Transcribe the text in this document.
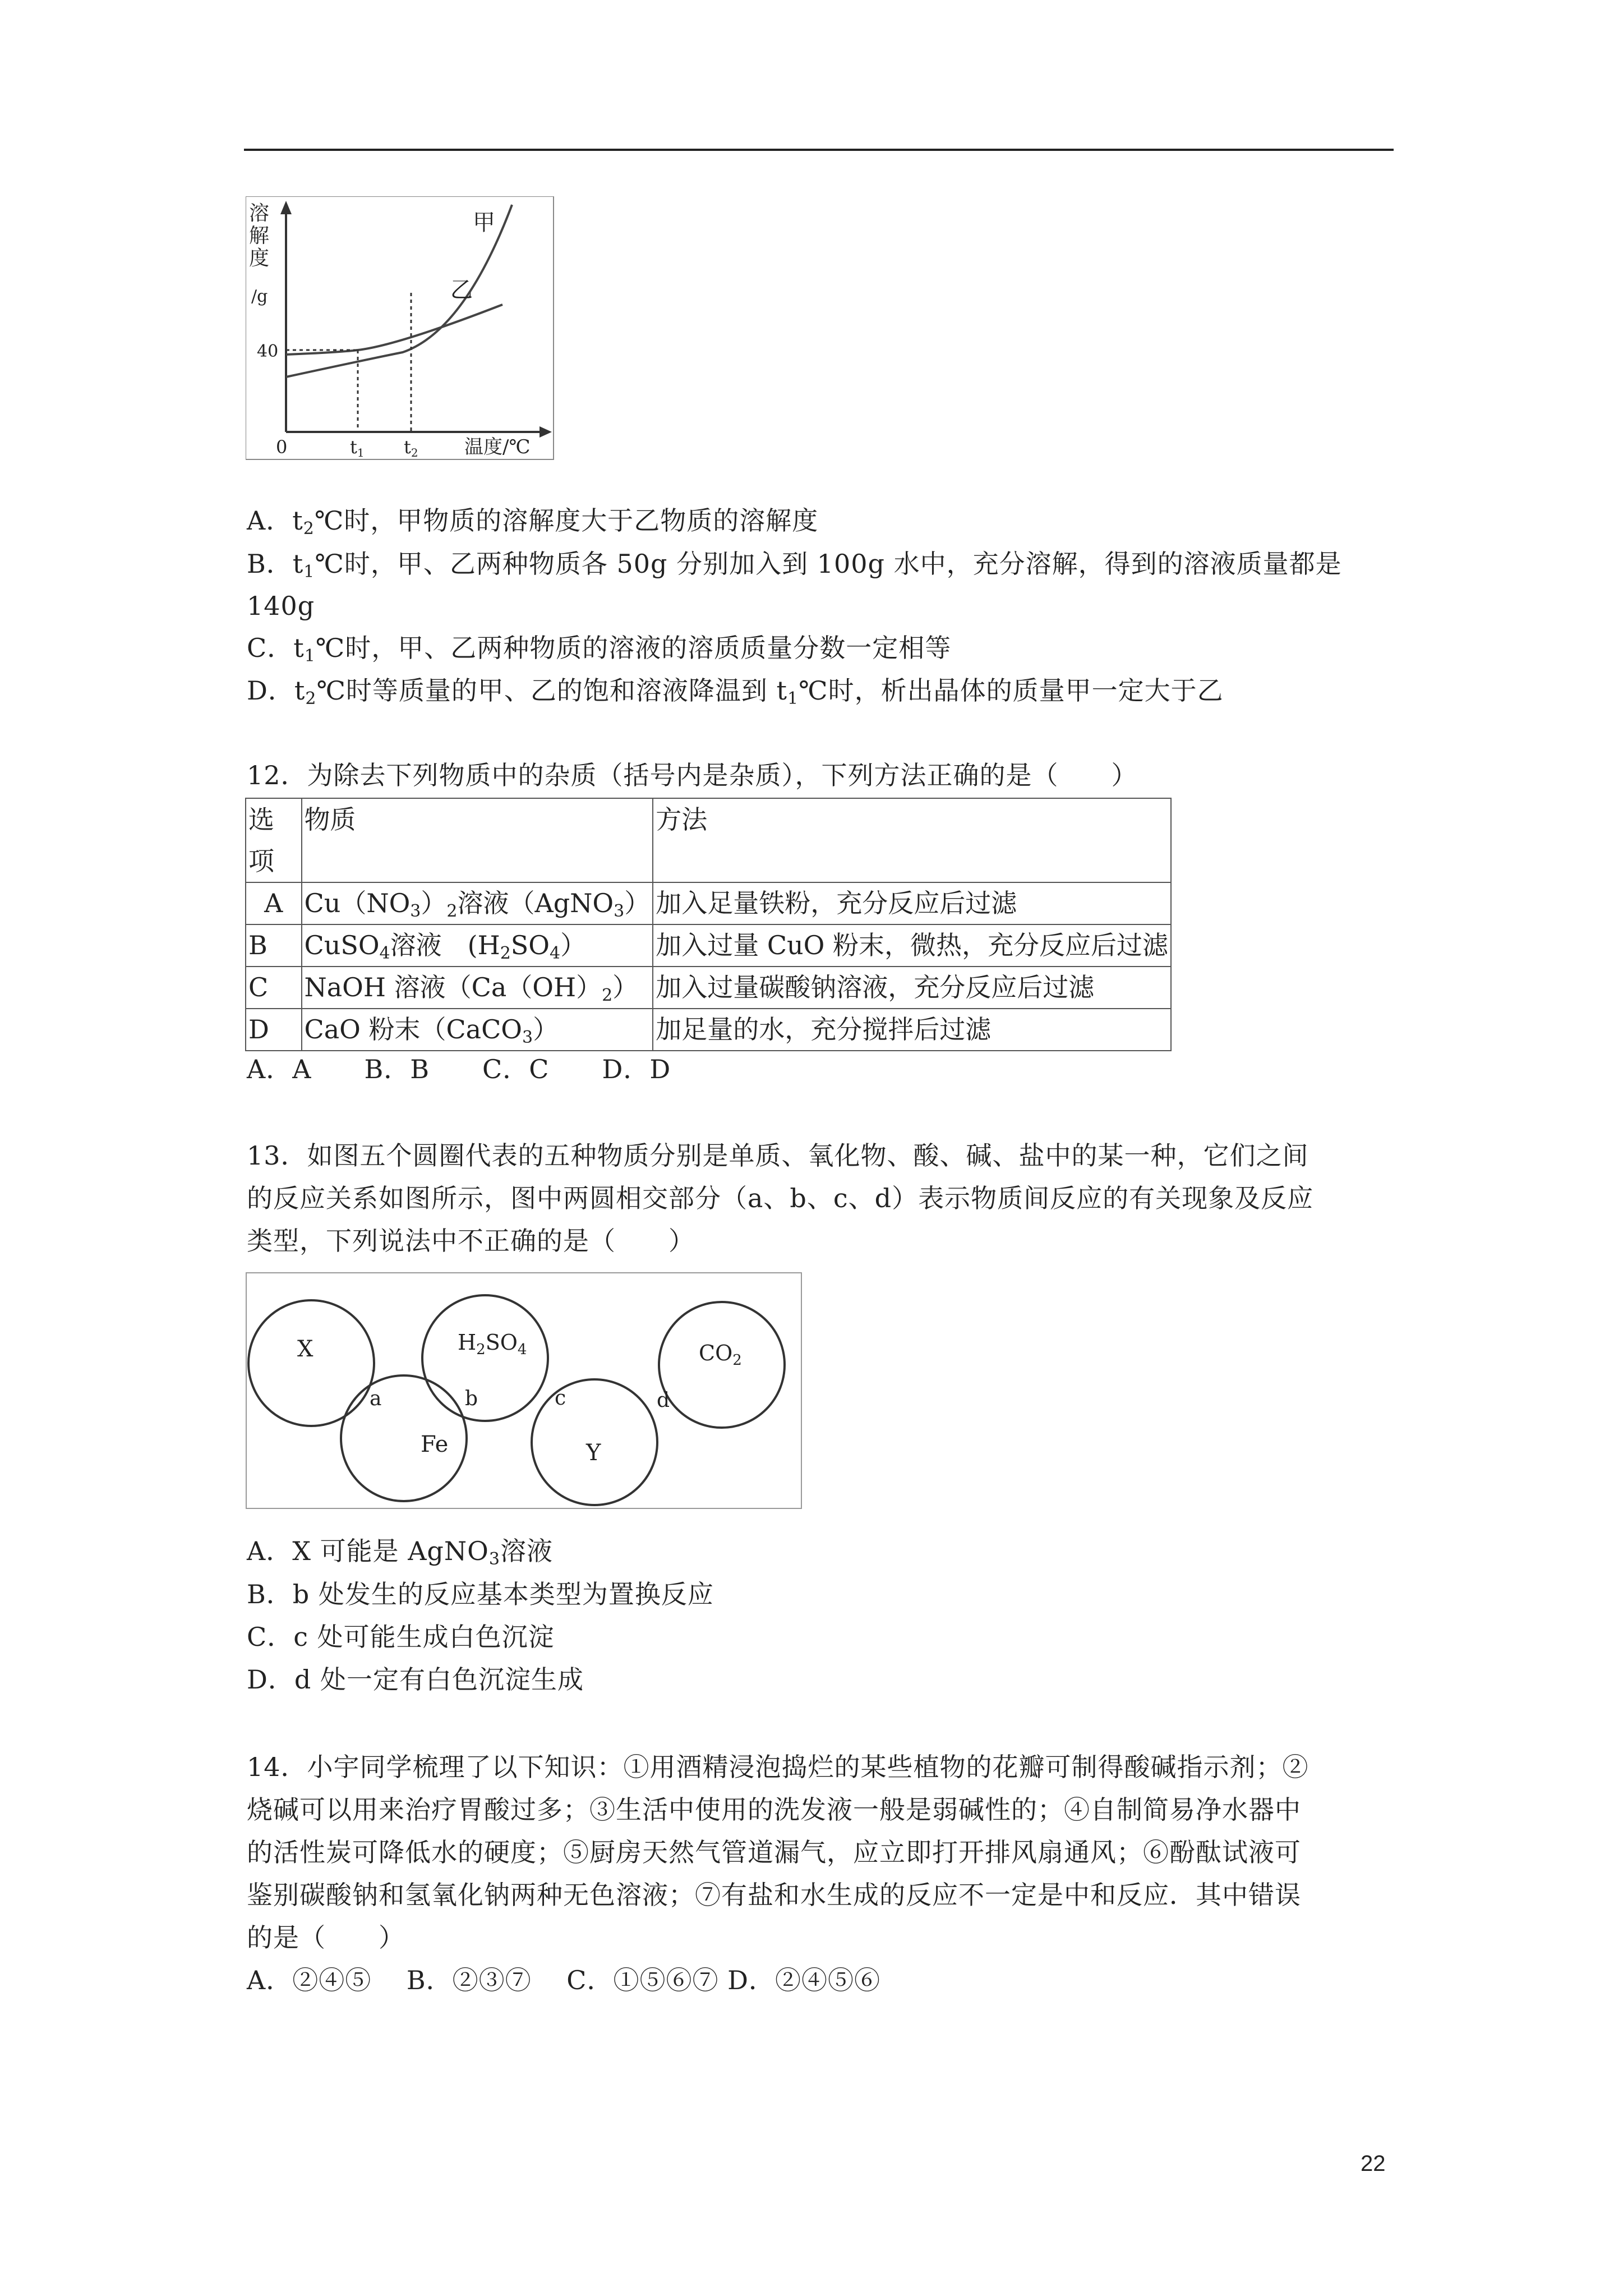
溶
解
度
/g
40
0	t1 t2 温度/℃
甲
乙
A．$t_2℃$时，甲物质的溶解度大于乙物质的溶解度
B．$t_1℃$时，甲、乙两种物质各 50g 分别加入到 100g 水中，充分溶解，得到的溶液质量都是
140g
C．$t_1℃$时，甲、乙两种物质的溶液的溶质质量分数一定相等
D．$t_2℃$时等质量的甲、乙的饱和溶液降温到 $t_1℃$时，析出晶体的质量甲一定大于乙
12．为除去下列物质中的杂质（括号内是杂质），下列方法正确的是（　　）
选
项	物质	方法
A	$Cu(NO_3)_2$溶液（AgNO$_3$）	加入足量铁粉，充分反应后过滤
B	CuSO$_4$溶液　$(H_2SO_4)$	加入过量 CuO 粉末，微热，充分反应后过滤
C	NaOH 溶液$(Ca(OH)_2)$	加入过量碳酸钠溶液，充分反应后过滤
D	CaO 粉末（CaCO$_3$）	加足量的水，充分搅拌后过滤
A．A　　B．B　　C．C　　D．D
13．如图五个圆圈代表的五种物质分别是单质、氧化物、酸、碱、盐中的某一种，它们之间
的反应关系如图所示，图中两圆相交部分（a、b、c、d）表示物质间反应的有关现象及反应
类型，下列说法中不正确的是（　　）
X	$H_2SO_4$	$CO_2$
Fe	Y
a	b	c	d
A．X 可能是 AgNO$_3$溶液
B．b 处发生的反应基本类型为置换反应
C．c 处可能生成白色沉淀
D．d 处一定有白色沉淀生成
14．小宇同学梳理了以下知识：①用酒精浸泡捣烂的某些植物的花瓣可制得酸碱指示剂；②
烧碱可以用来治疗胃酸过多；③生活中使用的洗发液一般是弱碱性的；④自制简易净水器中
的活性炭可降低水的硬度；⑤厨房天然气管道漏气，应立即打开排风扇通风；⑥酚酞试液可
鉴别碳酸钠和氢氧化钠两种无色溶液；⑦有盐和水生成的反应不一定是中和反应．其中错误
的是（　　）
A．②④⑤　 B．②③⑦　 C．①⑤⑥⑦ D．②④⑤⑥
22
